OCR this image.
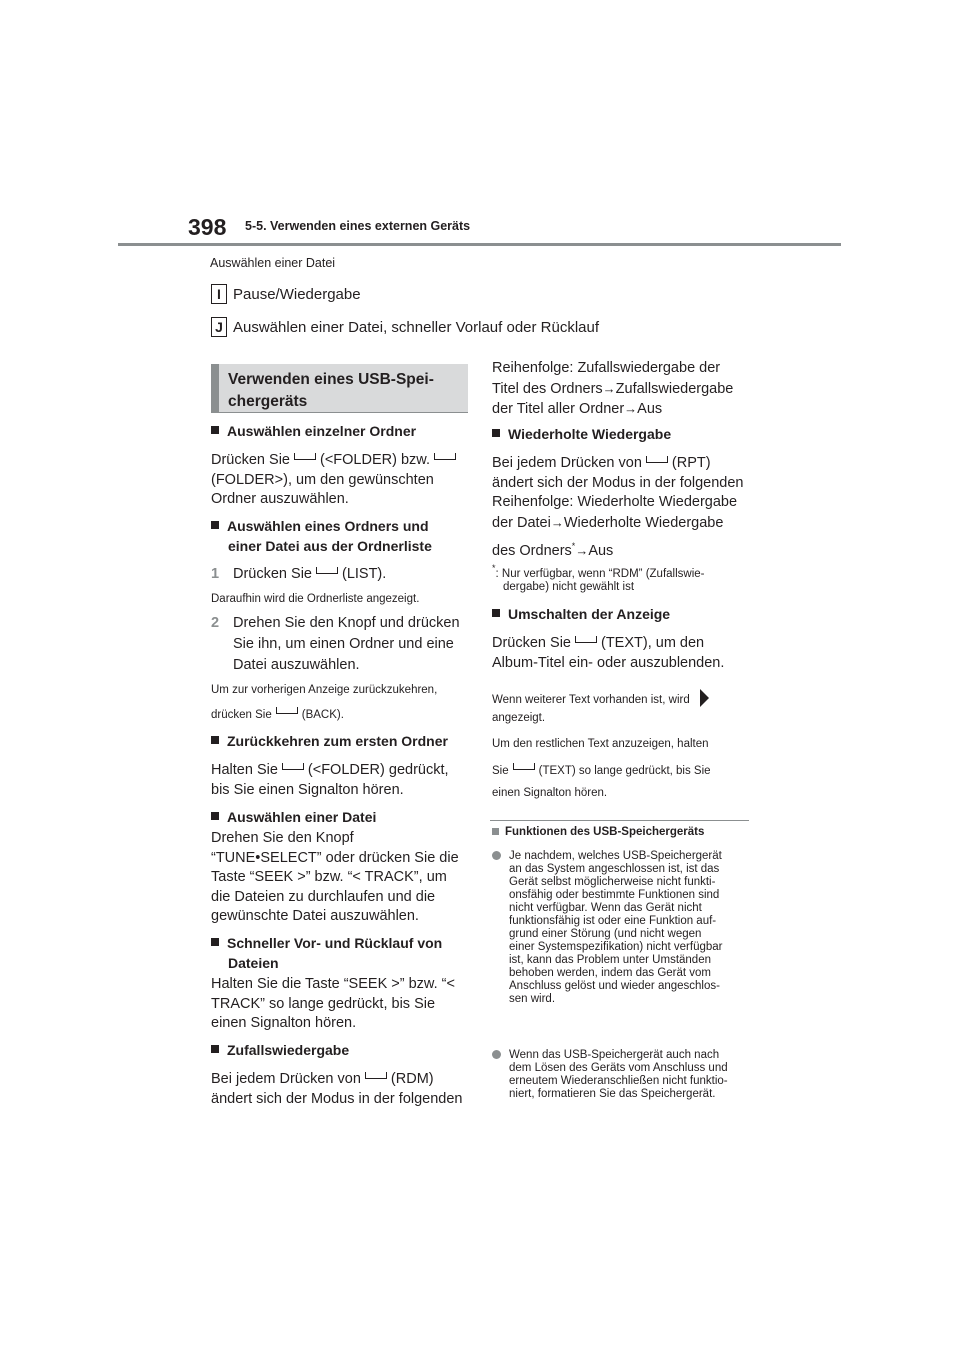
398 5-5. Verwenden eines externen Geräts
Auswählen einer Datei
I Pause/Wiedergabe
J Auswählen einer Datei, schneller Vorlauf oder Rücklauf
Verwenden eines USB-Spei-
chergeräts
Auswählen einzelner Ordner
Drücken Sie (<FOLDER) bzw.
(FOLDER>), um den gewünschten
Ordner auszuwählen.
Auswählen eines Ordners und
einer Datei aus der Ordnerliste
1 Drücken Sie (LIST).
Daraufhin wird die Ordnerliste angezeigt.
2 Drehen Sie den Knopf und drücken
Sie ihn, um einen Ordner und eine
Datei auszuwählen.
Um zur vorherigen Anzeige zurückzukehren,
drücken Sie	(BACK).
Zurückkehren zum ersten Ordner
Halten Sie (<FOLDER) gedrückt,
bis Sie einen Signalton hören.
Auswählen einer Datei
Drehen Sie den Knopf
“TUNE•SELECT” oder drücken Sie die
Taste “SEEK >” bzw. “< TRACK”, um
die Dateien zu durchlaufen und die
gewünschte Datei auszuwählen.
Schneller Vor- und Rücklauf von
Dateien
Halten Sie die Taste “SEEK >” bzw. “<
TRACK” so lange gedrückt, bis Sie
einen Signalton hören.
Zufallswiedergabe
Bei jedem Drücken von (RDM)
ändert sich der Modus in der folgenden
Reihenfolge: Zufallswiedergabe der
Titel des Ordners→Zufallswiedergabe
der Titel aller Ordner→Aus
Wiederholte Wiedergabe
Bei jedem Drücken von (RPT)
ändert sich der Modus in der folgenden
Reihenfolge: Wiederholte Wiedergabe
der Datei→Wiederholte Wiedergabe
des Ordners*→Aus
*: Nur verfügbar, wenn “RDM” (Zufallswie-
dergabe) nicht gewählt ist
Umschalten der Anzeige
Drücken Sie (TEXT), um den
Album-Titel ein- oder auszublenden.
Wenn weiterer Text vorhanden ist, wird
angezeigt.
Um den restlichen Text anzuzeigen, halten
Sie	(TEXT) so lange gedrückt, bis Sie
einen Signalton hören.
Funktionen des USB-Speichergeräts
Je nachdem, welches USB-Speichergerät
an das System angeschlossen ist, ist das
Gerät selbst möglicherweise nicht funkti-
onsfähig oder bestimmte Funktionen sind
nicht verfügbar. Wenn das Gerät nicht
funktionsfähig ist oder eine Funktion auf-
grund einer Störung (und nicht wegen
einer Systemspezifikation) nicht verfügbar
ist, kann das Problem unter Umständen
behoben werden, indem das Gerät vom
Anschluss gelöst und wieder angeschlos-
sen wird.
Wenn das USB-Speichergerät auch nach
dem Lösen des Geräts vom Anschluss und
erneutem Wiederanschließen nicht funktio-
niert, formatieren Sie das Speichergerät.
